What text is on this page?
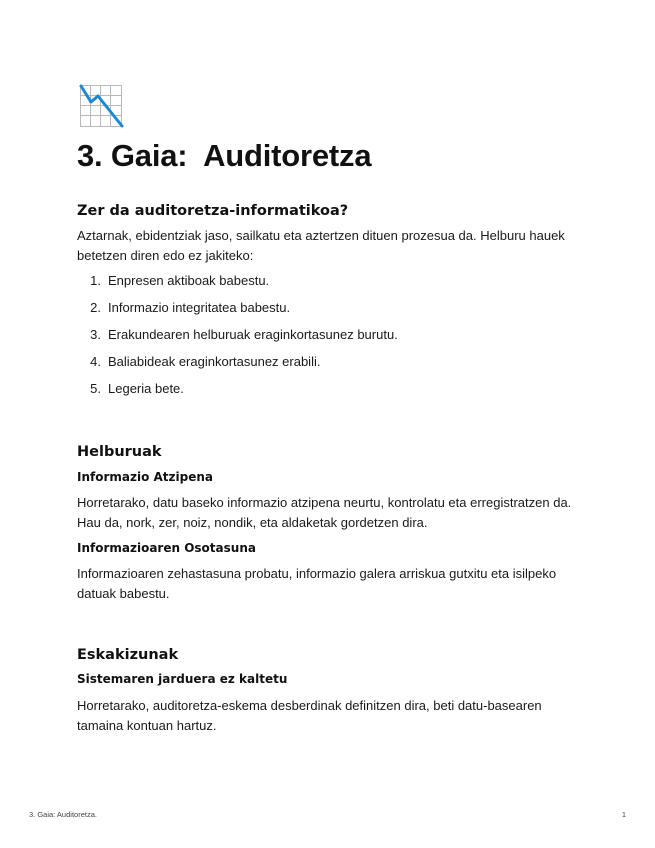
3. Gaia:  Auditoretza
Zer da auditoretza-informatikoa?

Aztarnak, ebidentziak jaso, sailkatu eta aztertzen dituen prozesua da. Helburu hauek betetzen diren edo ez jakiteko:

1. Enpresen aktiboak babestu.
2. Informazio integritatea babestu.
3. Erakundearen helburuak eraginkortasunez burutu.
4. Baliabideak eraginkortasunez erabili.
5. Legeria bete.
Helburuak
Informazio Atzipena

Horretarako, datu baseko informazio atzipena neurtu, kontrolatu eta erregistratzen da. Hau da, nork, zer, noiz, nondik, eta aldaketak gordetzen dira.

Informazioaren Osotasuna

Informazioaren zehastasuna probatu, informazio galera arriskua gutxitu eta isilpeko datuak babestu.

Eskakizunak
Sistemaren jarduera ez kaltetu

Horretarako, auditoretza-eskema desberdinak definitzen dira, beti datu-basearen tamaina kontuan hartuz.

3. Gaia: Auditoretza.	1
